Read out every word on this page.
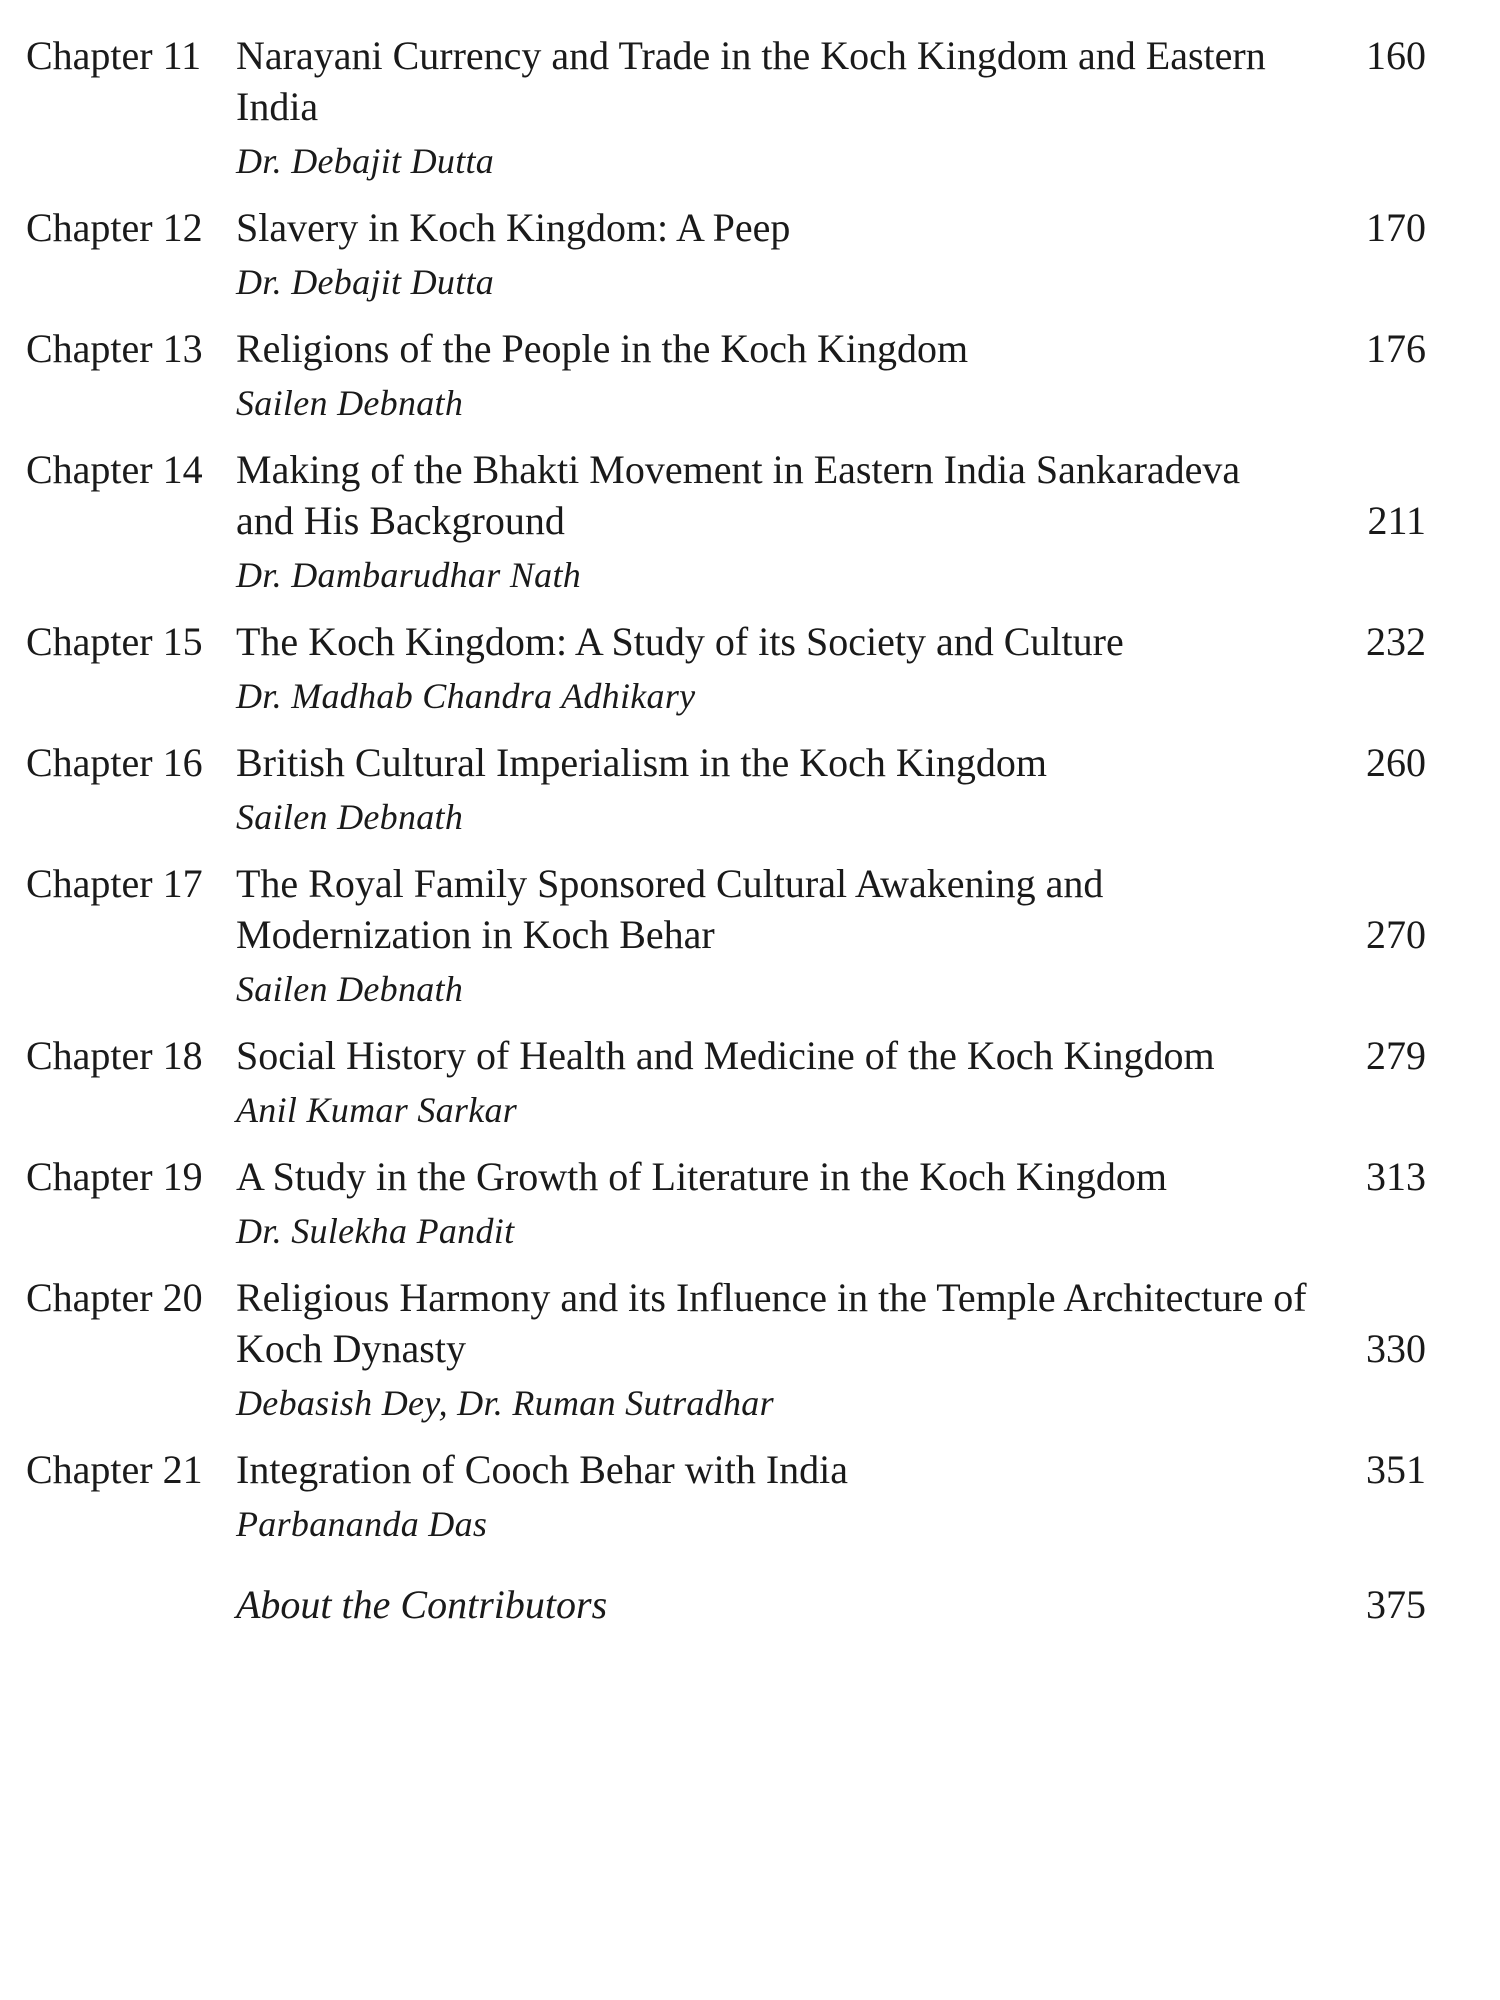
Chapter 11 Narayani Currency and Trade in the Koch Kingdom and Eastern India
Dr. Debajit Dutta
160
Chapter 12 Slavery in Koch Kingdom: A Peep
Dr. Debajit Dutta
170
Chapter 13 Religions of the People in the Koch Kingdom
Sailen Debnath
176
Chapter 14 Making of the Bhakti Movement in Eastern India Sankaradeva
and His Background
Dr. Dambarudhar Nath
211
Chapter 15 The Koch Kingdom: A Study of its Society and Culture
Dr. Madhab Chandra Adhikary
232
Chapter 16 British Cultural Imperialism in the Koch Kingdom
Sailen Debnath
260
Chapter 17 The Royal Family Sponsored Cultural Awakening and
Modernization in Koch Behar
Sailen Debnath
270
Chapter 18 Social History of Health and Medicine of the Koch Kingdom
Anil Kumar Sarkar
279
Chapter 19 A Study in the Growth of Literature in the Koch Kingdom
Dr. Sulekha Pandit
313
Chapter 20 Religious Harmony and its Influence in the Temple Architecture of
Koch Dynasty
Debasish Dey, Dr. Ruman Sutradhar
330
Chapter 21 Integration of Cooch Behar with India
Parbananda Das
351
About the Contributors	375
